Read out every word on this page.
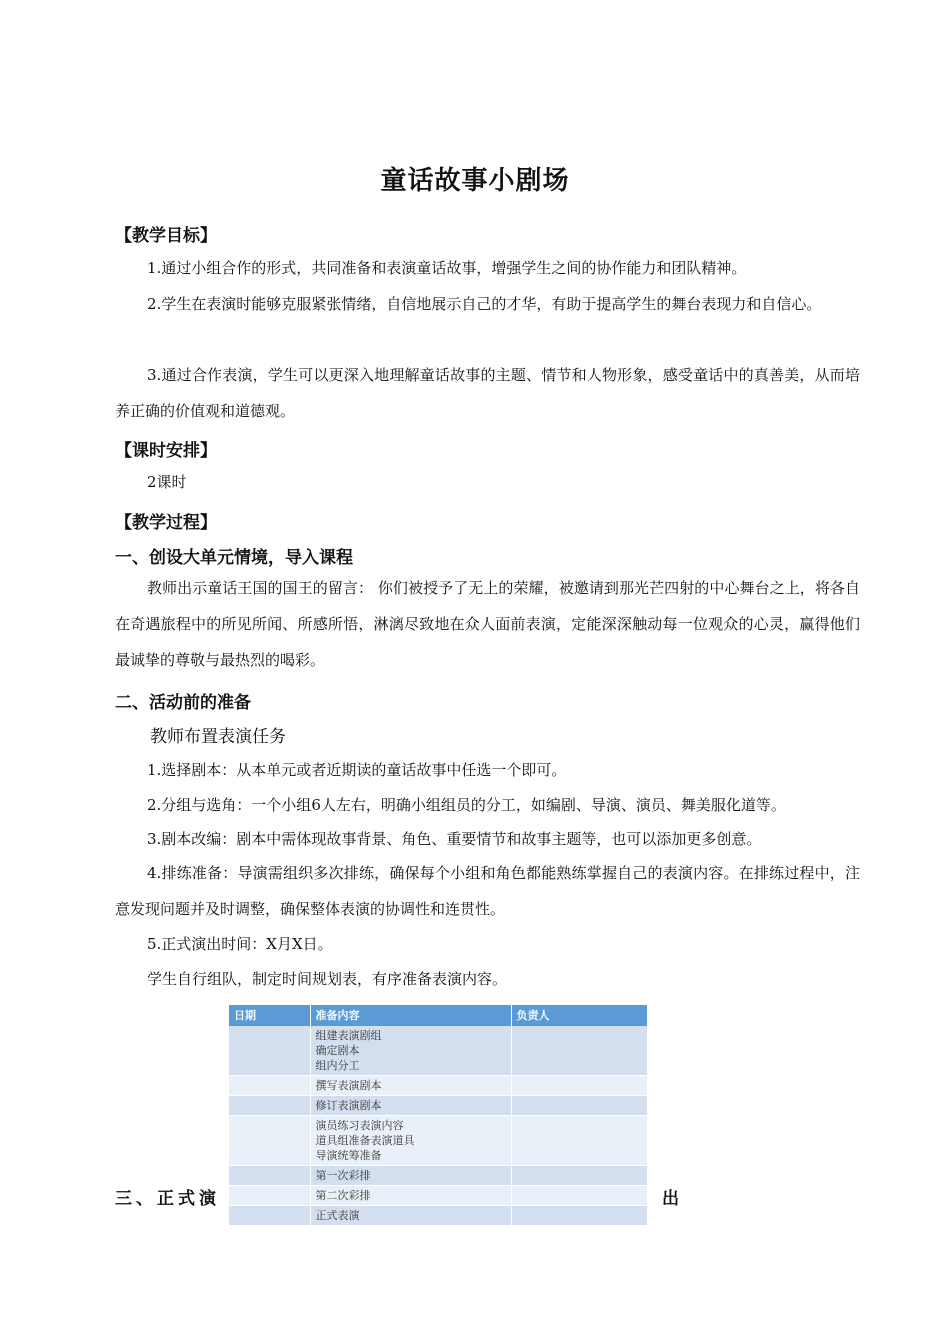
童话故事小剧场
【教学目标】
1.通过小组合作的形式，共同准备和表演童话故事，增强学生之间的协作能力和团队精神。
2.学生在表演时能够克服紧张情绪，自信地展示自己的才华，有助于提高学生的舞台表现力和自信心。
3.通过合作表演，学生可以更深入地理解童话故事的主题、情节和人物形象，感受童话中的真善美，从而培养正确的价值观和道德观。
【课时安排】
2课时
【教学过程】
一、创设大单元情境，导入课程
教师出示童话王国的国王的留言： 你们被授予了无上的荣耀，被邀请到那光芒四射的中心舞台之上，将各自在奇遇旅程中的所见所闻、所感所悟，淋漓尽致地在众人面前表演，定能深深触动每一位观众的心灵，赢得他们最诚挚的尊敬与最热烈的喝彩。
二、活动前的准备
教师布置表演任务
1.选择剧本：从本单元或者近期读的童话故事中任选一个即可。
2.分组与选角：一个小组6人左右，明确小组组员的分工，如编剧、导演、演员、舞美服化道等。
3.剧本改编：剧本中需体现故事背景、角色、重要情节和故事主题等，也可以添加更多创意。
4.排练准备：导演需组织多次排练，确保每个小组和角色都能熟练掌握自己的表演内容。在排练过程中，注意发现问题并及时调整，确保整体表演的协调性和连贯性。
5.正式演出时间：X月X日。
学生自行组队，制定时间规划表，有序准备表演内容。
日期	准备内容	负责人

	组建表演剧组
确定剧本
组内分工	

	撰写表演剧本	

	修订表演剧本	

	演员练习表演内容
道具组准备表演道具
导演统筹准备	

	第一次彩排	

	第二次彩排	

	正式表演	

三、正式演	出
